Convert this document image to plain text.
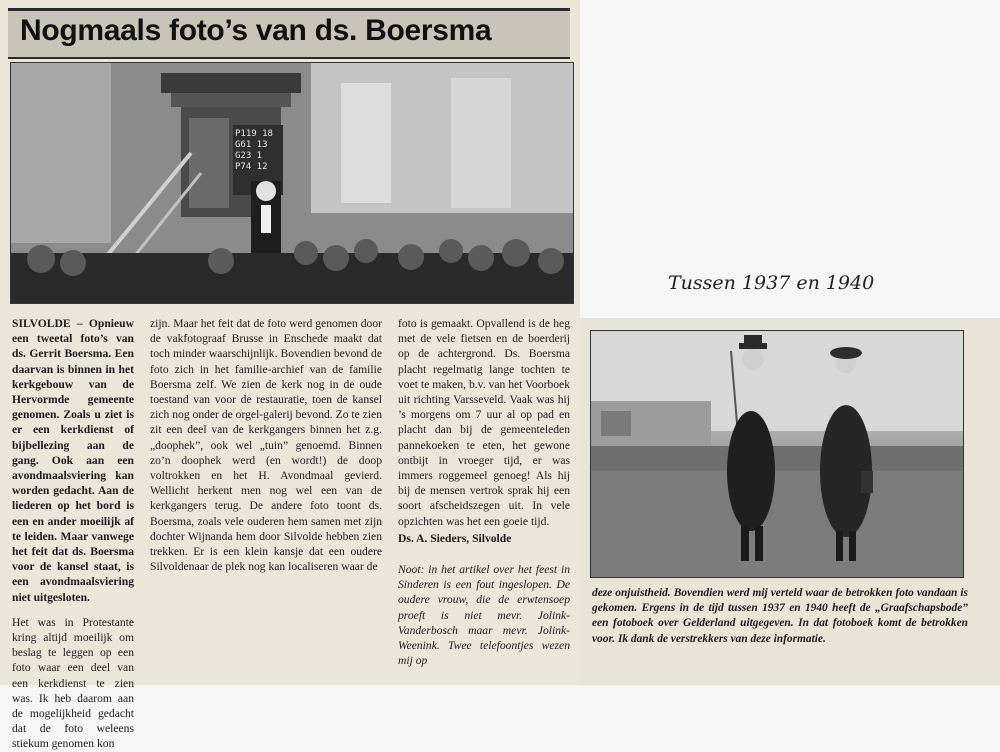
Nogmaals foto’s van ds. Boersma
P119 18
G61 13
G23 1
P74 12

SILVOLDE – Opnieuw een tweetal foto’s van ds. Gerrit Boersma. Een daarvan is binnen in het kerkgebouw van de Hervormde gemeente genomen. Zoals u ziet is er een kerkdienst of bijbellezing aan de gang. Ook aan een avondmaalsviering kan worden gedacht. Aan de liederen op het bord is een en ander moeilijk af te leiden. Maar vanwege het feit dat ds. Boersma voor de kansel staat, is een avondmaalsviering niet uitgesloten.

Het was in Protestante kring altijd moeilijk om beslag te leggen op een foto waar een deel van een kerkdienst te zien was. Ik heb daarom aan de mogelijkheid gedacht dat de foto weleens stiekum genomen kon

zijn. Maar het feit dat de foto werd genomen door de vakfotograaf Brusse in Enschede maakt dat toch minder waarschijnlijk. Bovendien bevond de foto zich in het familie-archief van de familie Boersma zelf. We zien de kerk nog in de oude toestand van voor de restauratie, toen de kansel zich nog onder de orgel-galerij bevond. Zo te zien zit een deel van de kerkgangers binnen het z.g. „doophek”, ook wel „tuin” genoemd. Binnen zo’n doophek werd (en wordt!) de doop voltrokken en het H. Avondmaal gevierd. Wellicht herkent men nog wel een van de kerkgangers terug. De andere foto toont ds. Boersma, zoals vele ouderen hem samen met zijn dochter Wijnanda hem door Silvolde hebben zien trekken. Er is een klein kansje dat een oudere Silvoldenaar de plek nog kan localiseren waar de

foto is gemaakt. Opvallend is de heg met de vele fietsen en de boerderij op de achtergrond. Ds. Boersma placht regelmatig lange tochten te voet te maken, b.v. van het Voorboek uit richting Varsseveld. Vaak was hij ’s morgens om 7 uur al op pad en placht dan bij de gemeenteleden pannekoeken te eten, het gewone ontbijt in vroeger tijd, er was immers roggemeel genoeg! Als hij bij de mensen vertrok sprak hij een soort afscheidszegen uit. In vele opzichten was het een goeie tijd.

Ds. A. Sieders, Silvolde

Noot: in het artikel over het feest in Sinderen is een fout ingeslopen. De oudere vrouw, die de erwtensoep proeft is niet mevr. Jolink-Vanderbosch maar mevr. Jolink-Weenink. Twee telefoontjes wezen mij op

deze onjuistheid. Bovendien werd mij verteld waar de betrokken foto vandaan is gekomen. Ergens in de tijd tussen 1937 en 1940 heeft de „Graafschapsbode” een fotoboek over Gelderland uitgegeven. In dat fotoboek komt de betrokken voor. Ik dank de verstrekkers van deze informatie.

Tussen 1937 en 1940
